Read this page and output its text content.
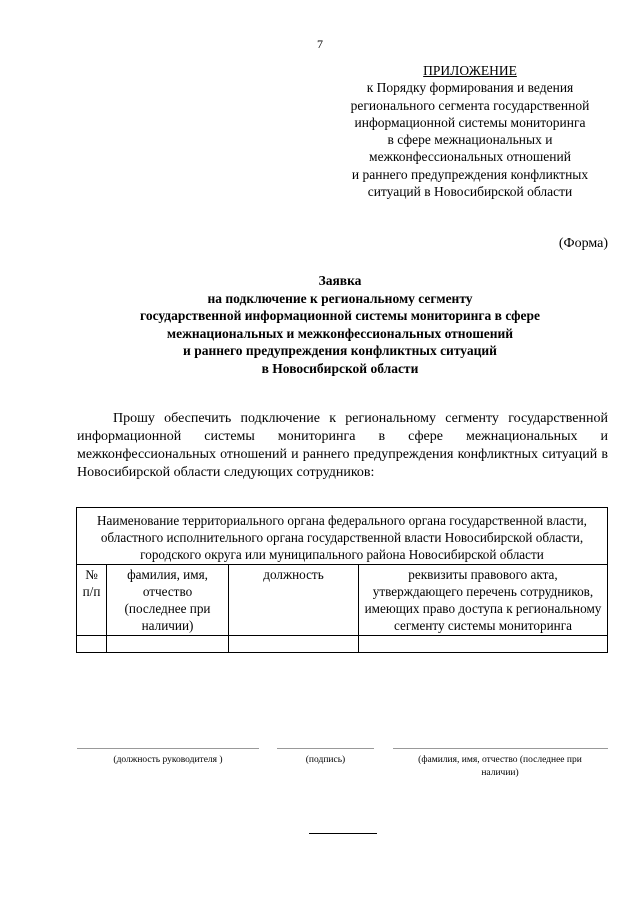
7
ПРИЛОЖЕНИЕ
к Порядку формирования и ведения
регионального сегмента государственной
информационной системы мониторинга
в сфере межнациональных и
межконфессиональных отношений
и раннего предупреждения конфликтных
ситуаций в Новосибирской области
(Форма)
Заявка
на подключение к региональному сегменту
государственной информационной системы мониторинга в сфере
межнациональных и межконфессиональных отношений
и раннего предупреждения конфликтных ситуаций
в Новосибирской области
Прошу обеспечить подключение к региональному сегменту государственной информационной системы мониторинга в сфере межнациональных и межконфессиональных отношений и раннего предупреждения конфликтных ситуаций в Новосибирской области следующих сотрудников:
Наименование территориального органа федерального органа государственной власти, областного исполнительного органа государственной власти Новосибирской области, городского округа или муниципального района Новосибирской области			
№ п/п	фамилия, имя, отчество (последнее при наличии)	должность	реквизиты правового акта, утверждающего перечень сотрудников, имеющих право доступа к региональному сегменту системы мониторинга

(должность руководителя )	(подпись)	(фамилия, имя, отчество (последнее при наличии)
